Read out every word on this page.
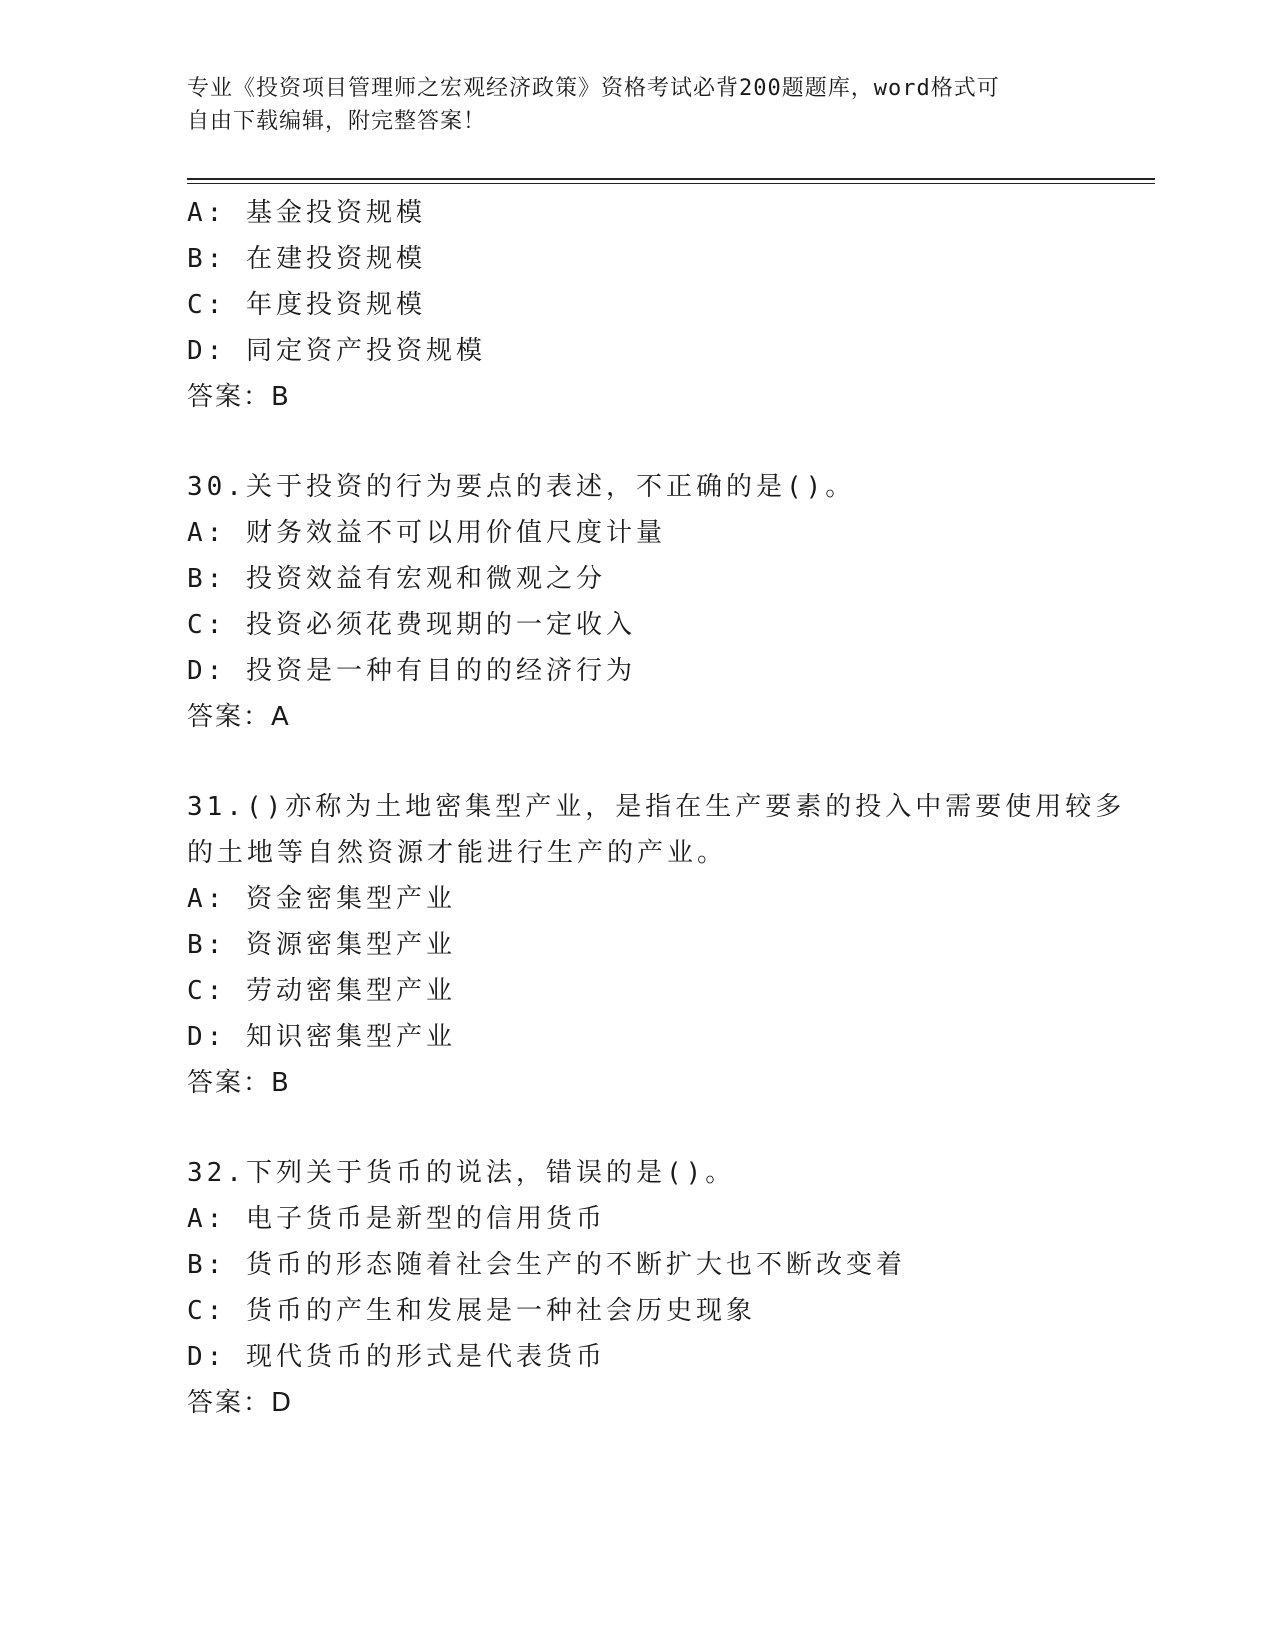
专业《投资项目管理师之宏观经济政策》资格考试必背200题题库，word格式可
自由下载编辑，附完整答案！
A: 基金投资规模
B: 在建投资规模
C: 年度投资规模
D: 同定资产投资规模
答案：B
30.关于投资的行为要点的表述，不正确的是()。
A: 财务效益不可以用价值尺度计量
B: 投资效益有宏观和微观之分
C: 投资必须花费现期的一定收入
D: 投资是一种有目的的经济行为
答案：A
31.()亦称为土地密集型产业，是指在生产要素的投入中需要使用较多
的土地等自然资源才能进行生产的产业。
A: 资金密集型产业
B: 资源密集型产业
C: 劳动密集型产业
D: 知识密集型产业
答案：B
32.下列关于货币的说法，错误的是()。
A: 电子货币是新型的信用货币
B: 货币的形态随着社会生产的不断扩大也不断改变着
C: 货币的产生和发展是一种社会历史现象
D: 现代货币的形式是代表货币
答案：D
